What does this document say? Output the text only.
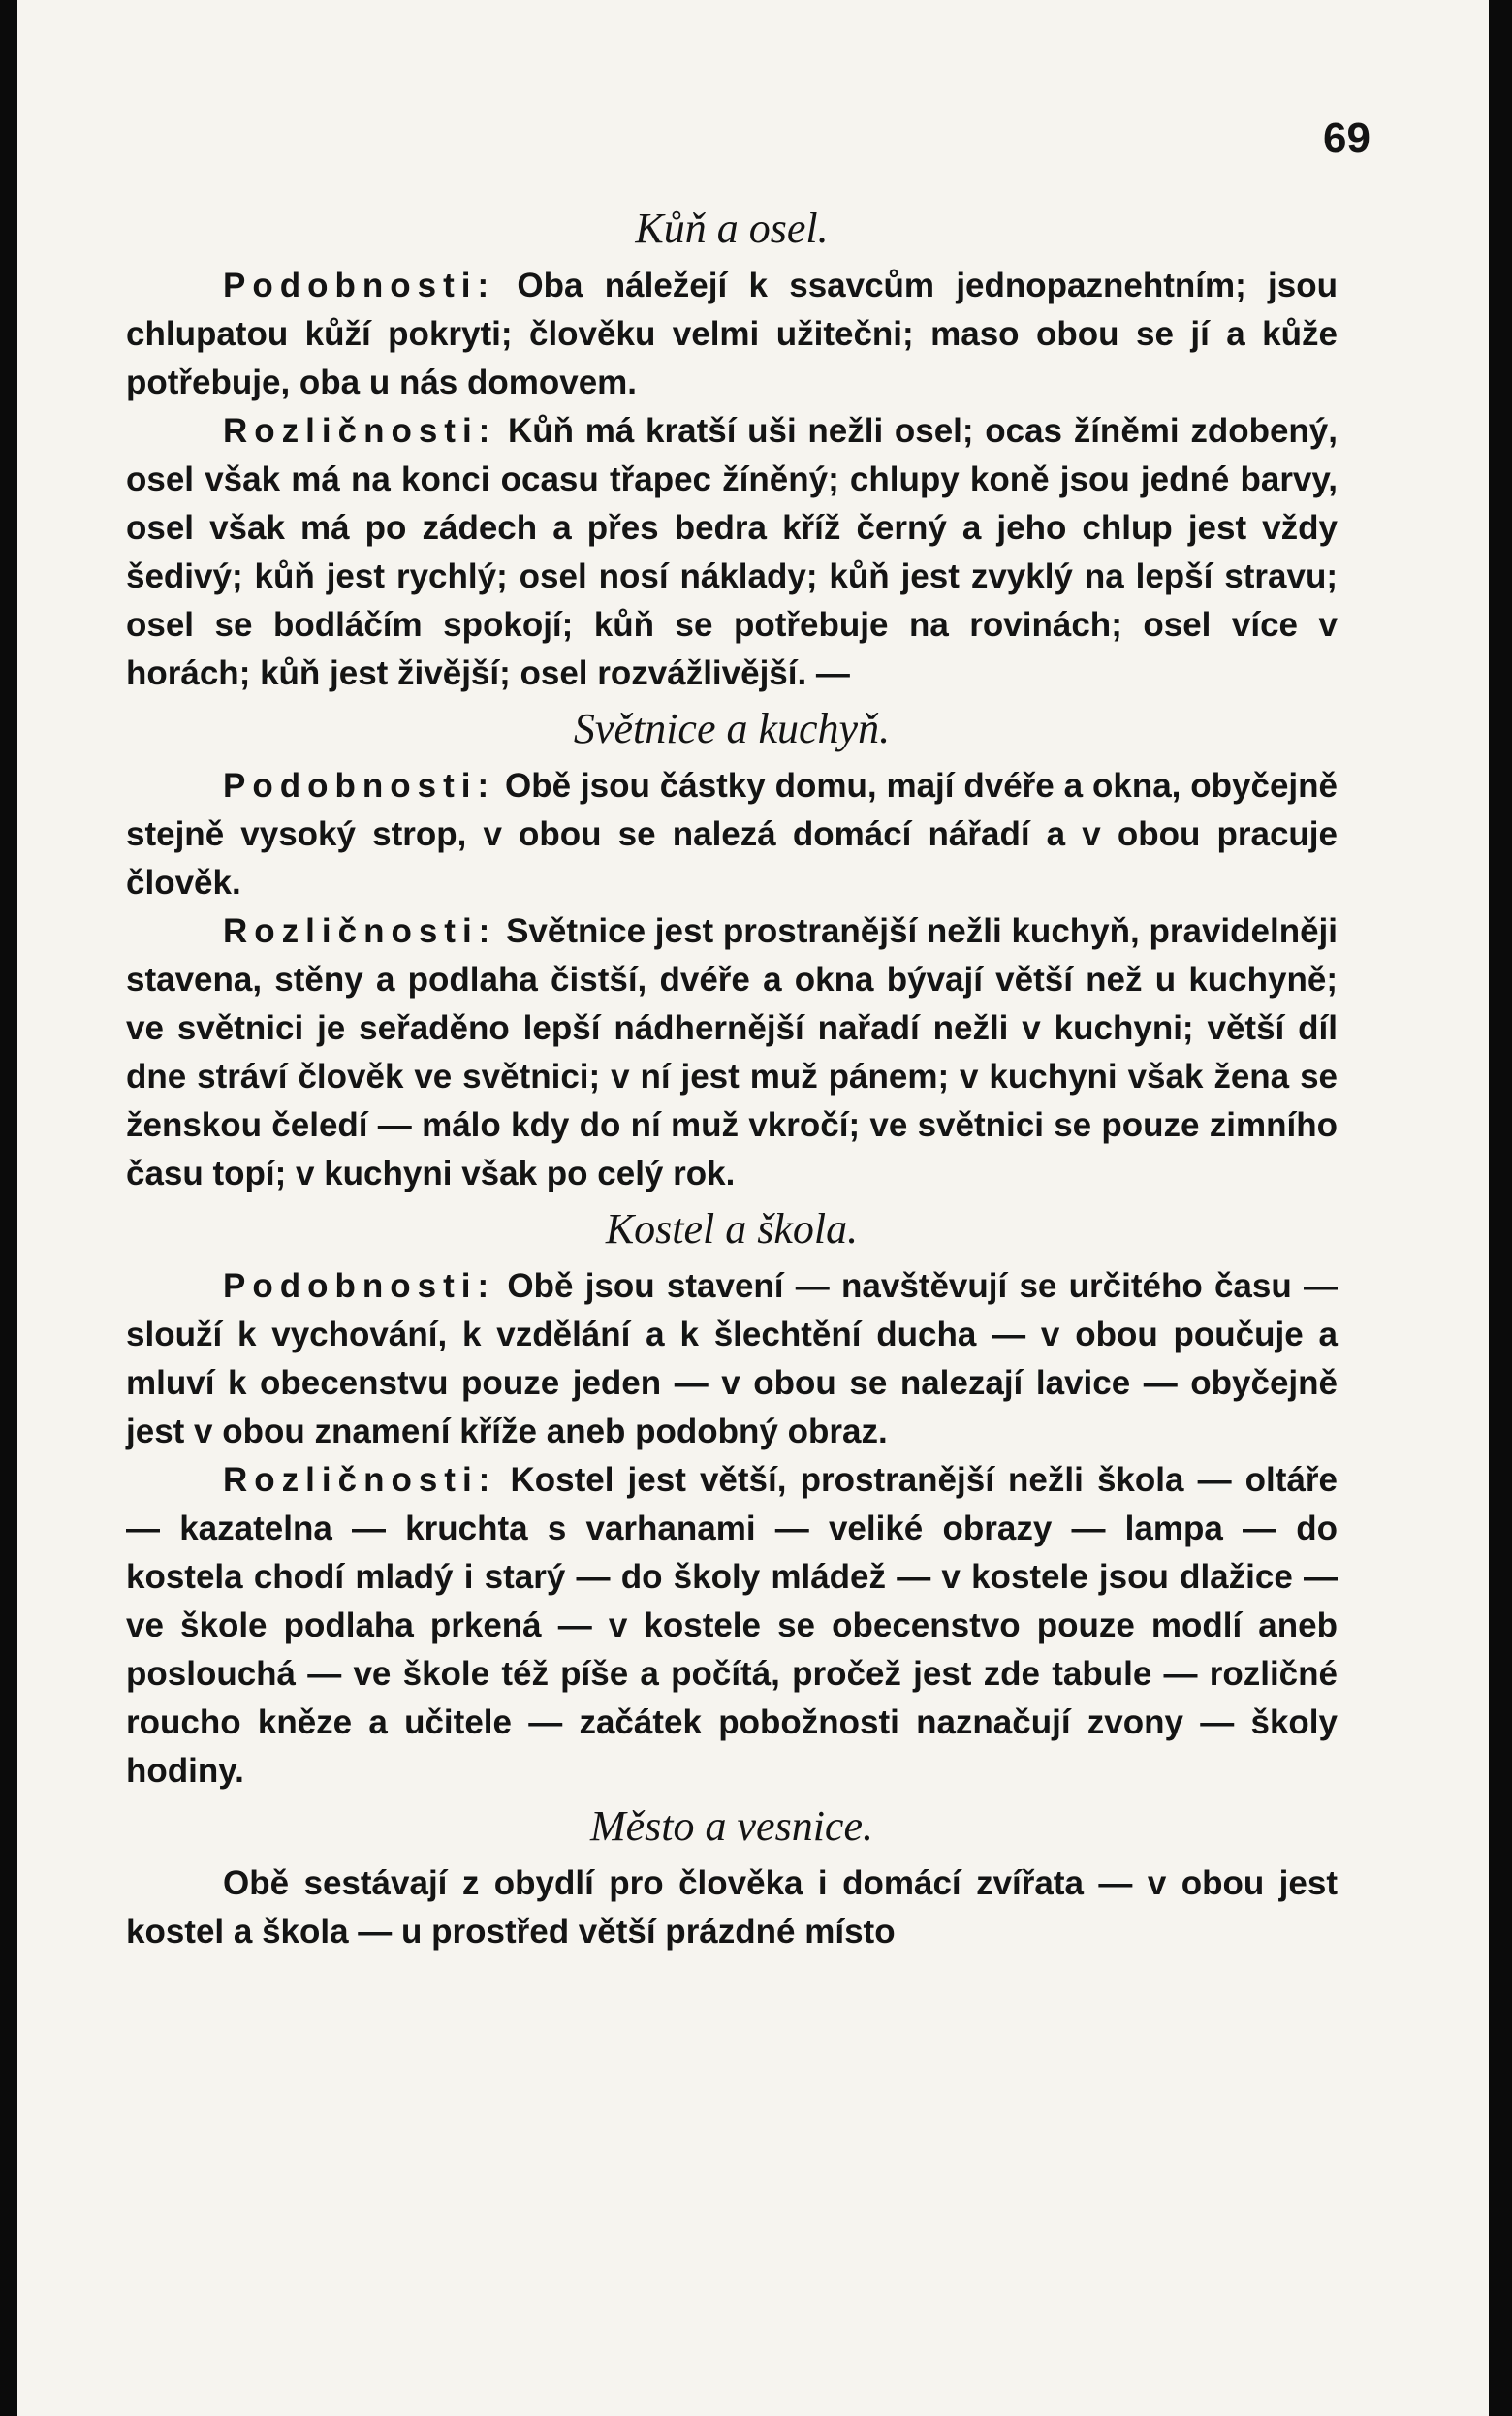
69
Kůň a osel.

Podobnosti: Oba náležejí k ssavcům jednopaznehtním; jsou chlupatou kůží pokryti; člověku velmi užitečni; maso obou se jí a kůže potřebuje, oba u nás domovem.

Rozličnosti: Kůň má kratší uši nežli osel; ocas žíněmi zdobený, osel však má na konci ocasu třapec žíněný; chlupy koně jsou jedné barvy, osel však má po zádech a přes bedra kříž černý a jeho chlup jest vždy šedivý; kůň jest rychlý; osel nosí náklady; kůň jest zvyklý na lepší stravu; osel se bodláčím spokojí; kůň se potřebuje na rovinách; osel více v horách; kůň jest živější; osel rozvážlivější. —

Světnice a kuchyň.

Podobnosti: Obě jsou částky domu, mají dvéře a okna, obyčejně stejně vysoký strop, v obou se nalezá domácí nářadí a v obou pracuje člověk.

Rozličnosti: Světnice jest prostranější nežli kuchyň, pravidelněji stavena, stěny a podlaha čistší, dvéře a okna bývají větší než u kuchyně; ve světnici je seřaděno lepší nádhernější nařadí nežli v kuchyni; větší díl dne stráví člověk ve světnici; v ní jest muž pánem; v kuchyni však žena se ženskou čeledí — málo kdy do ní muž vkročí; ve světnici se pouze zimního času topí; v kuchyni však po celý rok.

Kostel a škola.

Podobnosti: Obě jsou stavení — navštěvují se určitého času — slouží k vychování, k vzdělání a k šlechtění ducha — v obou poučuje a mluví k obecenstvu pouze jeden — v obou se nalezají lavice — obyčejně jest v obou znamení kříže aneb podobný obraz.

Rozličnosti: Kostel jest větší, prostranější nežli škola — oltáře — kazatelna — kruchta s varhanami — veliké obrazy — lampa — do kostela chodí mladý i starý — do školy mládež — v kostele jsou dlažice — ve škole podlaha prkená — v kostele se obecenstvo pouze modlí aneb poslouchá — ve škole též píše a počítá, pročež jest zde tabule — rozličné roucho kněze a učitele — začátek pobožnosti naznačují zvony — školy hodiny.

Město a vesnice.

Obě sestávají z obydlí pro člověka i domácí zvířata — v obou jest kostel a škola — u prostřed větší prázdné místo
